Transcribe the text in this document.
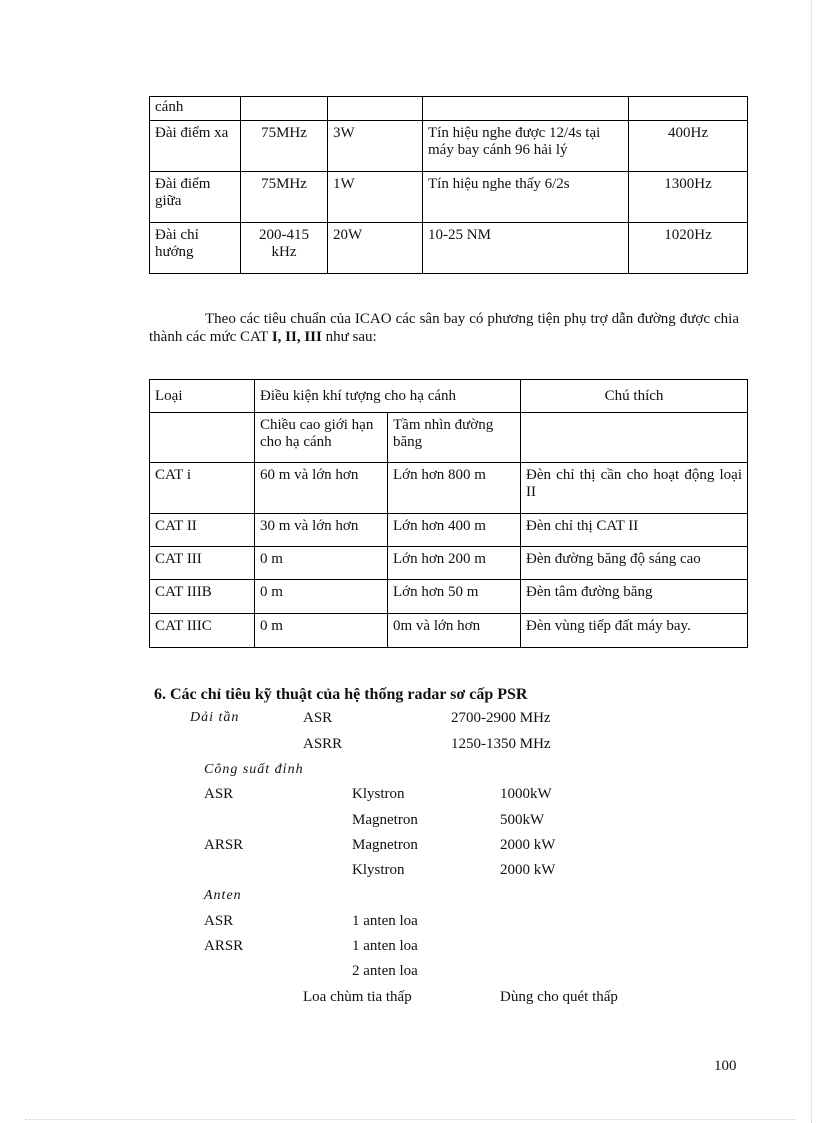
cánh				
Đài điểm xa	75MHz	3W	Tín hiệu nghe được 12/4s tại máy bay cánh 96 hải lý	400Hz
Đài điểm giữa	75MHz	1W	Tín hiệu nghe thấy 6/2s	1300Hz
Đài chỉ hướng	200-415 kHz	20W	10-25 NM	1020Hz
Theo các tiêu chuẩn của ICAO các sân bay có phương tiện phụ trợ dẫn đường được chia thành các mức CAT I, II, III như sau:
Loại	Điều kiện khí tượng cho hạ cánh		Chú thích
	Chiều cao giới hạn cho hạ cánh	Tầm nhìn đường băng	
CAT i	60 m và lớn hơn	Lớn hơn 800 m	Đèn chỉ thị cần cho hoạt động loại II
CAT II	30 m và lớn hơn	Lớn hơn 400 m	Đèn chỉ thị CAT II
CAT III	0 m	Lớn hơn 200 m	Đèn đường băng độ sáng cao
CAT IIIB	0 m	Lớn hơn 50 m	Đèn tâm đường băng
CAT IIIC	0 m	0m và lớn hơn	Đèn vùng tiếp đất máy bay.
6. Các chỉ tiêu kỹ thuật của hệ thống radar sơ cấp PSR
Dải tần	ASR	2700-2900 MHz
ASRR	1250-1350 MHz
Công suất đỉnh
ASR	Klystron	1000kW
Magnetron	500kW
ARSR	Magnetron	2000 kW
Klystron	2000 kW
Anten
ASR	1 anten loa
ARSR	1 anten loa
2 anten loa
Loa chùm tia thấp	Dùng cho quét thấp
100
